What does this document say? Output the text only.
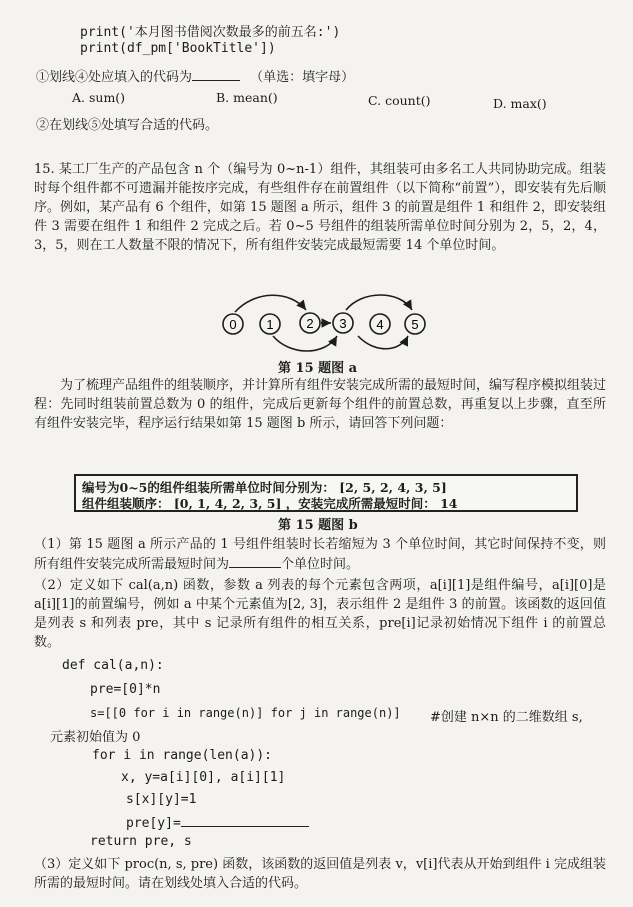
print('本月图书借阅次数最多的前五名:')
print(df_pm['BookTitle'])
①划线④处应填入的代码为	（单选：填字母）
A. sum()	B. mean()	C. count()	D. max()
②在划线⑤处填写合适的代码。
15. 某工厂生产的产品包含 n 个（编号为 0~n-1）组件，其组装可由多名工人共同协助完成。组装时每个组件都不可遗漏并能按序完成，有些组件存在前置组件（以下简称“前置”），即安装有先后顺序。例如，某产品有 6 个组件，如第 15 题图 a 所示，组件 3 的前置是组件 1 和组件 2，即安装组件 3 需要在组件 1 和组件 2 完成之后。若 0~5 号组件的组装所需单位时间分别为 2，5，2，4，3，5，则在工人数量不限的情况下，所有组件安装完成最短需要 14 个单位时间。
0 1	2 3 4 5
第 15 题图 a
为了梳理产品组件的组装顺序，并计算所有组件安装完成所需的最短时间，编写程序模拟组装过程：先同时组装前置总数为 0 的组件，完成后更新每个组件的前置总数，再重复以上步骤，直至所有组件安装完毕，程序运行结果如第 15 题图 b 所示，请回答下列问题：
编号为0~5的组件组装所需单位时间分别为： [2, 5, 2, 4, 3, 5]
组件组装顺序： [0, 1, 4, 2, 3, 5] ，安装完成所需最短时间： 14
第 15 题图 b
（1）第 15 题图 a 所示产品的 1 号组件组装时长若缩短为 3 个单位时间，其它时间保持不变，则所有组件安装完成所需最短时间为	个单位时间。
（2）定义如下 cal(a,n) 函数，参数 a 列表的每个元素包含两项，a[i][1]是组件编号，a[i][0]是 a[i][1]的前置编号，例如 a 中某个元素值为[2, 3]，表示组件 2 是组件 3 的前置。该函数的返回值是列表 s 和列表 pre，其中 s 记录所有组件的相互关系，pre[i]记录初始情况下组件 i 的前置总数。
def cal(a,n):
pre=[0]*n
s=[[0 for i in range(n)] for j in range(n)] #创建 n×n 的二维数组 s,
元素初始值为 0
for i in range(len(a)):
x, y=a[i][0], a[i][1]
s[x][y]=1
pre[y]=
return pre, s
（3）定义如下 proc(n, s, pre) 函数，该函数的返回值是列表 v，v[i]代表从开始到组件 i 完成组装所需的最短时间。请在划线处填入合适的代码。
